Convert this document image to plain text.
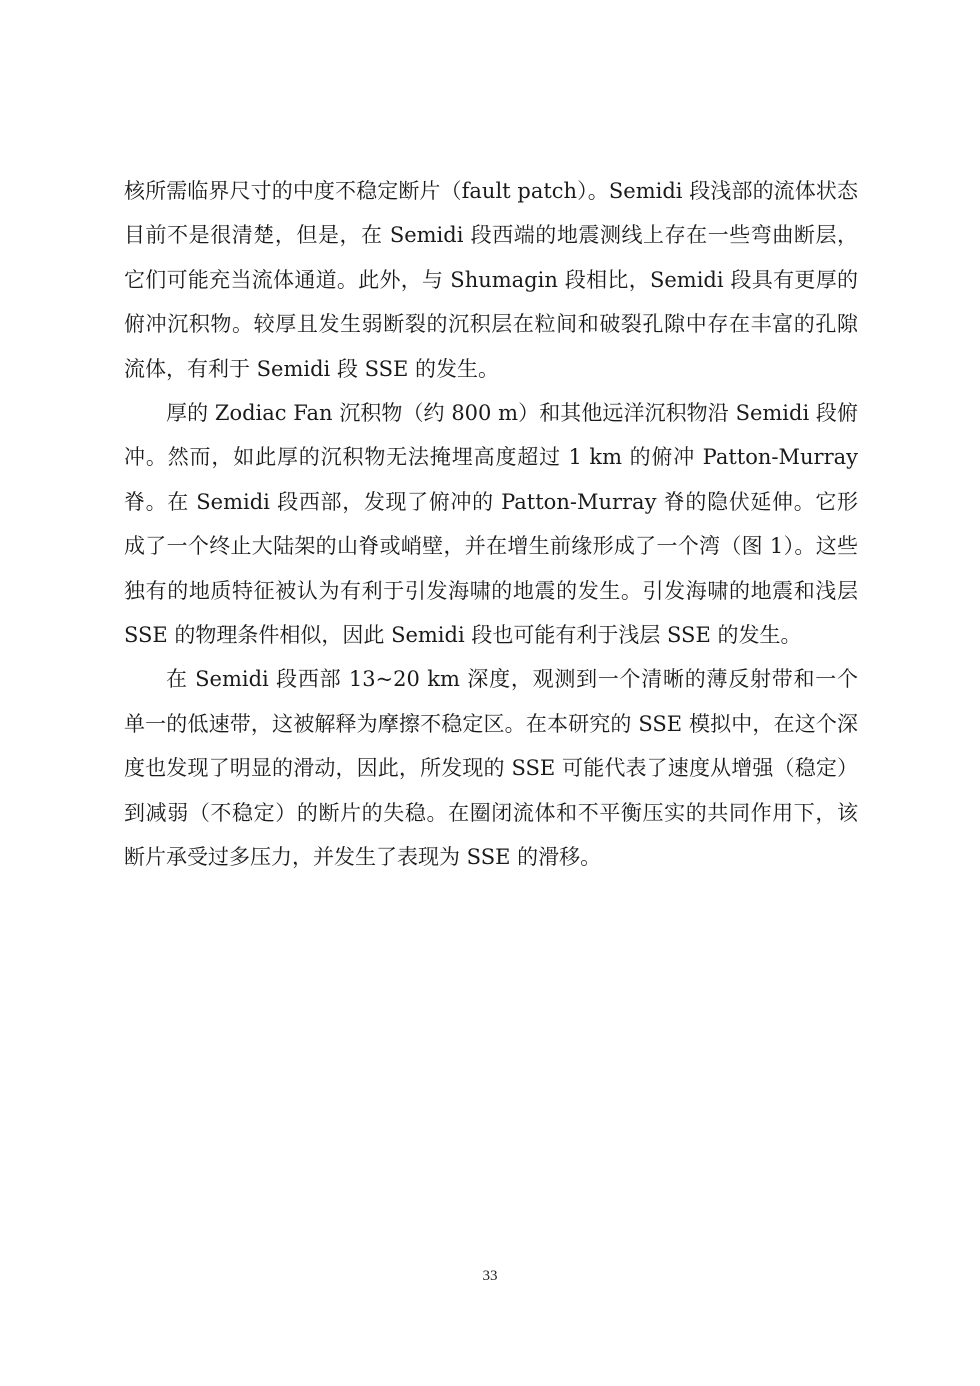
核所需临界尺寸的中度不稳定断片（fault patch）。Semidi 段浅部的流体状态目前不是很清楚，但是，在 Semidi 段西端的地震测线上存在一些弯曲断层，它们可能充当流体通道。此外，与 Shumagin 段相比，Semidi 段具有更厚的俯冲沉积物。较厚且发生弱断裂的沉积层在粒间和破裂孔隙中存在丰富的孔隙流体，有利于 Semidi 段 SSE 的发生。

厚的 Zodiac Fan 沉积物（约 800 m）和其他远洋沉积物沿 Semidi 段俯冲。然而，如此厚的沉积物无法掩埋高度超过 1 km 的俯冲 Patton-Murray 脊。在 Semidi 段西部，发现了俯冲的 Patton-Murray 脊的隐伏延伸。它形成了一个终止大陆架的山脊或峭壁，并在增生前缘形成了一个湾（图 1）。这些独有的地质特征被认为有利于引发海啸的地震的发生。引发海啸的地震和浅层 SSE 的物理条件相似，因此 Semidi 段也可能有利于浅层 SSE 的发生。

在 Semidi 段西部 13~20 km 深度，观测到一个清晰的薄反射带和一个单一的低速带，这被解释为摩擦不稳定区。在本研究的 SSE 模拟中，在这个深度也发现了明显的滑动，因此，所发现的 SSE 可能代表了速度从增强（稳定）到减弱（不稳定）的断片的失稳。在圈闭流体和不平衡压实的共同作用下，该断片承受过多压力，并发生了表现为 SSE 的滑移。

33
